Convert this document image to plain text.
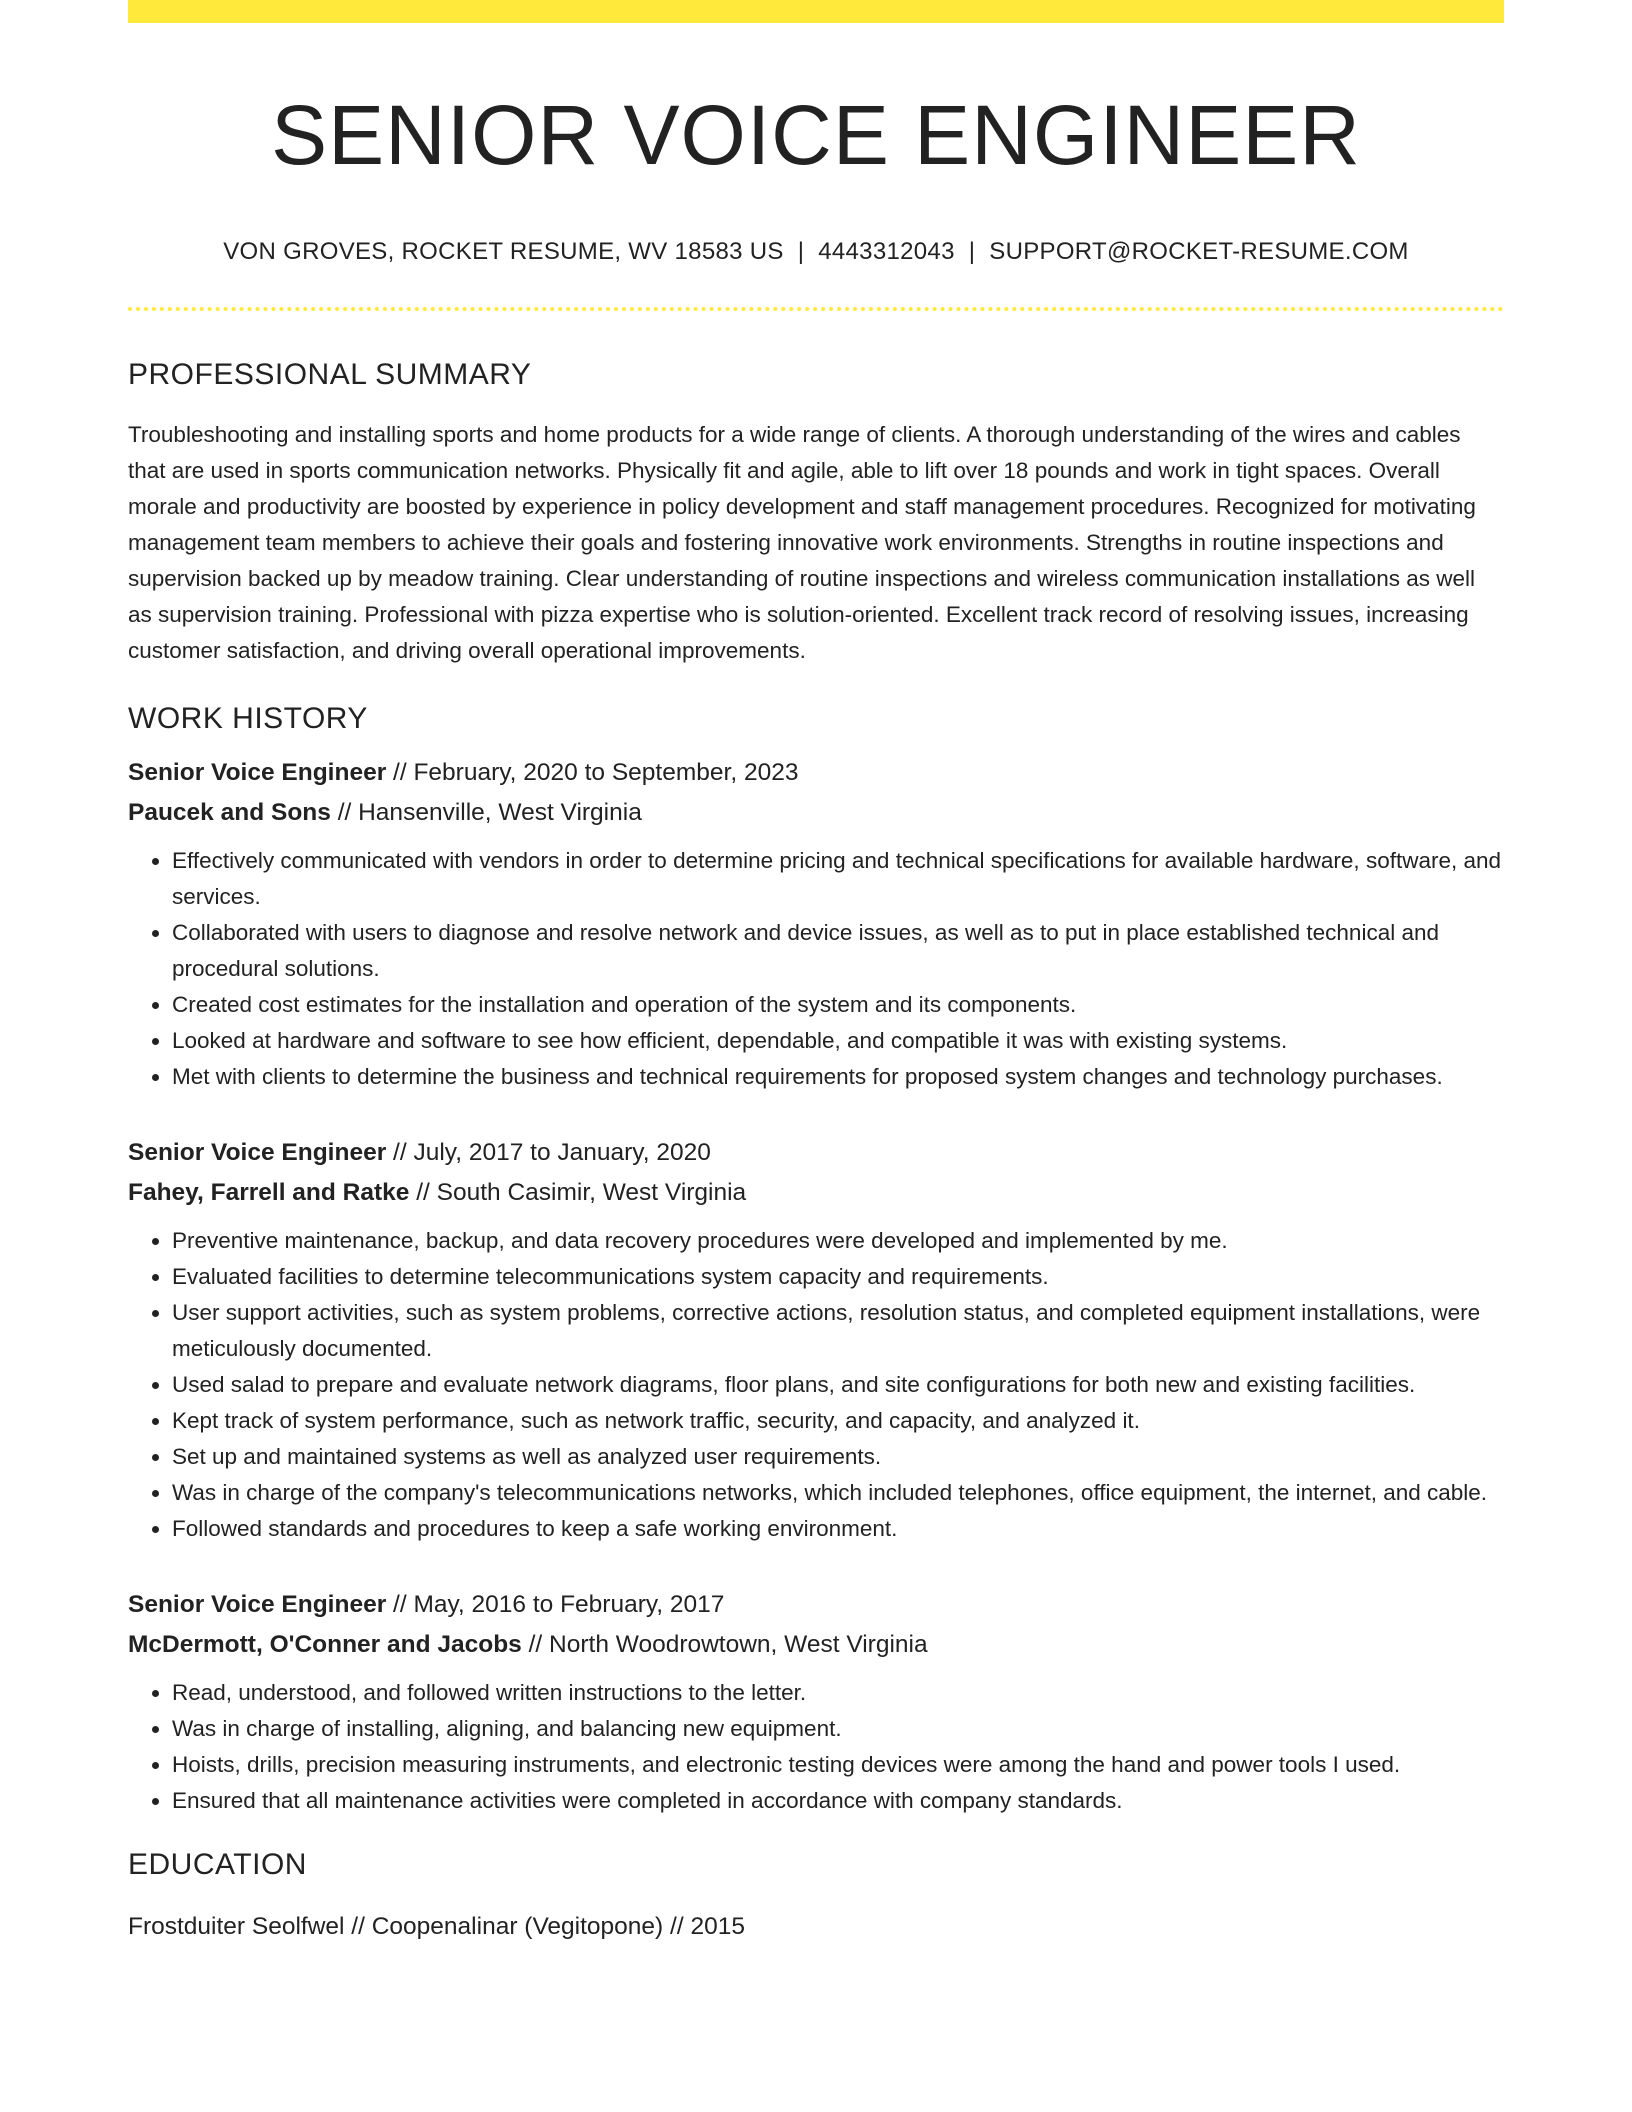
SENIOR VOICE ENGINEER
VON GROVES, ROCKET RESUME, WV 18583 US | 4443312043 | SUPPORT@ROCKET-RESUME.COM
PROFESSIONAL SUMMARY

Troubleshooting and installing sports and home products for a wide range of clients. A thorough understanding of the wires and cables that are used in sports communication networks. Physically fit and agile, able to lift over 18 pounds and work in tight spaces. Overall morale and productivity are boosted by experience in policy development and staff management procedures. Recognized for motivating management team members to achieve their goals and fostering innovative work environments. Strengths in routine inspections and supervision backed up by meadow training. Clear understanding of routine inspections and wireless communication installations as well as supervision training. Professional with pizza expertise who is solution-oriented. Excellent track record of resolving issues, increasing customer satisfaction, and driving overall operational improvements.

WORK HISTORY
Senior Voice Engineer // February, 2020 to September, 2023
Paucek and Sons // Hansenville, West Virginia
• Effectively communicated with vendors in order to determine pricing and technical specifications for available hardware, software, and services.
• Collaborated with users to diagnose and resolve network and device issues, as well as to put in place established technical and procedural solutions.
• Created cost estimates for the installation and operation of the system and its components.
• Looked at hardware and software to see how efficient, dependable, and compatible it was with existing systems.
• Met with clients to determine the business and technical requirements for proposed system changes and technology purchases.
Senior Voice Engineer // July, 2017 to January, 2020
Fahey, Farrell and Ratke // South Casimir, West Virginia
• Preventive maintenance, backup, and data recovery procedures were developed and implemented by me.
• Evaluated facilities to determine telecommunications system capacity and requirements.
• User support activities, such as system problems, corrective actions, resolution status, and completed equipment installations, were meticulously documented.
• Used salad to prepare and evaluate network diagrams, floor plans, and site configurations for both new and existing facilities.
• Kept track of system performance, such as network traffic, security, and capacity, and analyzed it.
• Set up and maintained systems as well as analyzed user requirements.
• Was in charge of the company's telecommunications networks, which included telephones, office equipment, the internet, and cable.
• Followed standards and procedures to keep a safe working environment.
Senior Voice Engineer // May, 2016 to February, 2017
McDermott, O'Conner and Jacobs // North Woodrowtown, West Virginia
• Read, understood, and followed written instructions to the letter.
• Was in charge of installing, aligning, and balancing new equipment.
• Hoists, drills, precision measuring instruments, and electronic testing devices were among the hand and power tools I used.
• Ensured that all maintenance activities were completed in accordance with company standards.
EDUCATION
Frostduiter Seolfwel // Coopenalinar (Vegitopone) // 2015
